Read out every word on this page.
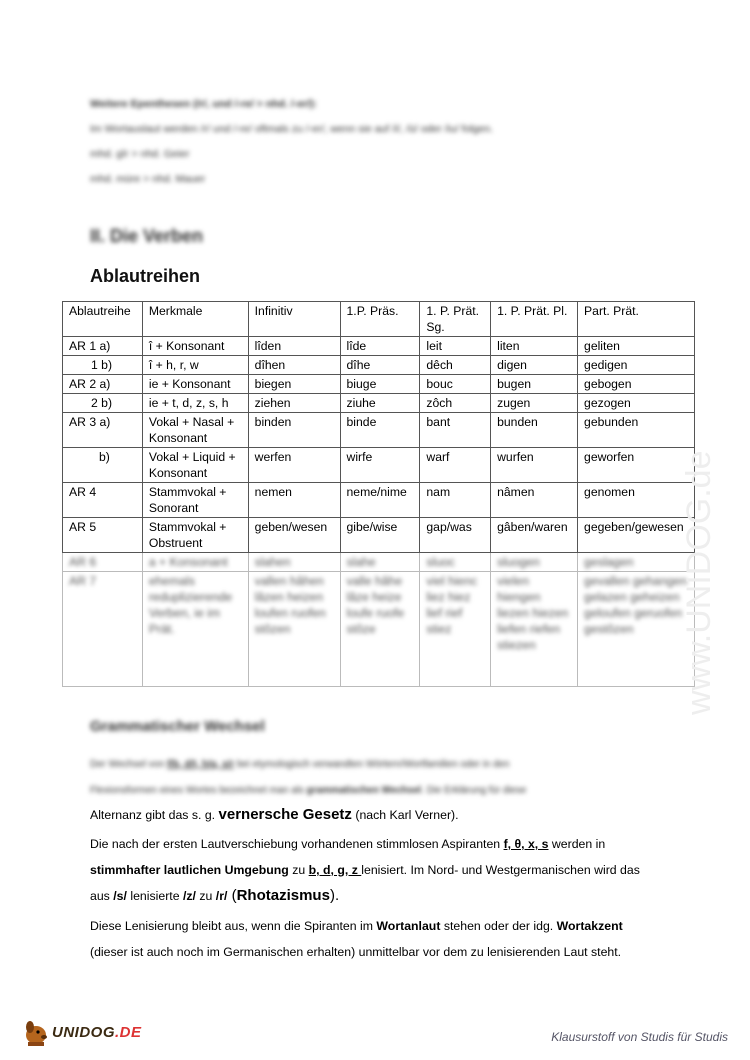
Weitere Epenthesen (/r/, und /-re/ > nhd. /-er/):

Im Wortauslaut werden /r/ und /-re/ oftmals zu /-er/, wenn sie auf /i/, /ü/ oder /iu/ folgen.

mhd. gîr > nhd. Geier

mhd. müre > nhd. Mauer

II. Die Verben
Ablautreihen
Ablautreihe	Merkmale	Infinitiv	1.P. Präs.	1. P. Prät. Sg.	1. P. Prät. Pl.	Part. Prät.
AR 1 a)	î + Konsonant	lîden	lîde	leit	liten	geliten
1 b)	î + h, r, w	dîhen	dîhe	dêch	digen	gedigen
AR 2 a)	ie + Konsonant	biegen	biuge	bouc	bugen	gebogen
2 b)	ie + t, d, z, s, h	ziehen	ziuhe	zôch	zugen	gezogen
AR 3 a)	Vokal + Nasal + Konsonant	binden	binde	bant	bunden	gebunden
b)	Vokal + Liquid + Konsonant	werfen	wirfe	warf	wurfen	geworfen
AR 4	Stammvokal + Sonorant	nemen	neme/nime	nam	nâmen	genomen
AR 5	Stammvokal + Obstruent	geben/wesen	gibe/wise	gap/was	gâben/waren	gegeben/gewesen
AR 6	a + Konsonant	slahen	slahe	sluoc	sluogen	geslagen
AR 7	ehemals reduplizierende Verben, ie im Prät.	vallen hâhen lâzen heizen loufen ruofen stôzen	valle hâhe lâze heize loufe ruofe stôze	viel hienc liez hiez lief rief stiez	vielen hiengen liezen hiezen liefen riefen stiezen	gevallen gehangen gelazen geheizen geloufen geruofen gestôzen www.UNIDOG.de
Grammatischer Wechsel

Der Wechsel von f/b, d/t, h/g, s/r bei etymologisch verwandten Wörtern/Wortfamilien oder in den

Flexionsformen eines Wortes bezeichnet man als grammatischen Wechsel. Die Erklärung für diese

Alternanz gibt das s. g. vernersche Gesetz (nach Karl Verner).
Die nach der ersten Lautverschiebung vorhandenen stimmlosen Aspiranten f, θ, x, s werden in
stimmhafter lautlichen Umgebung zu b, d, g, z lenisiert. Im Nord- und Westgermanischen wird das
aus /s/ lenisierte /z/ zu /r/ (Rhotazismus).
Diese Lenisierung bleibt aus, wenn die Spiranten im Wortanlaut stehen oder der idg. Wortakzent
(dieser ist auch noch im Germanischen erhalten) unmittelbar vor dem zu lenisierenden Laut steht.
UNIDOG.DE	Klausurstoff von Studis für Studis
